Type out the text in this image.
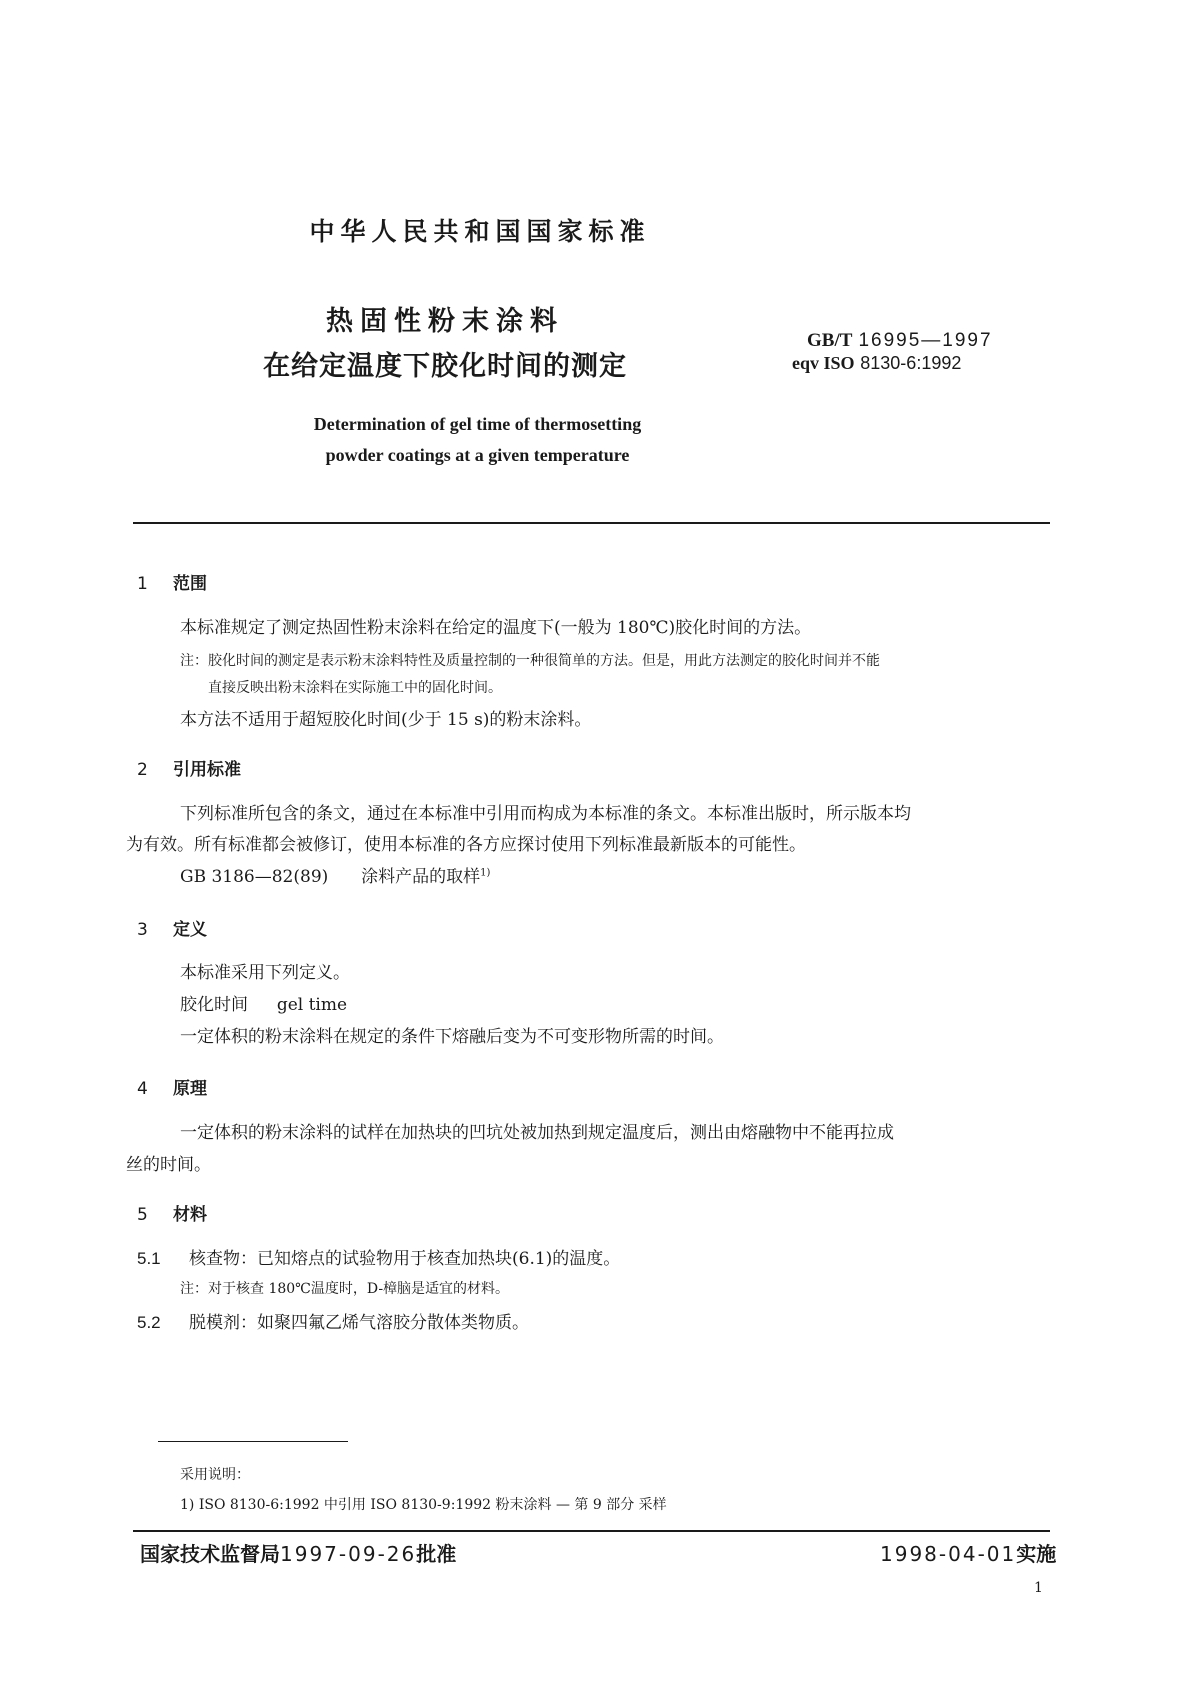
中华人民共和国国家标准
热固性粉末涂料
在给定温度下胶化时间的测定
GB/T 16995—1997
eqv ISO 8130-6:1992
Determination of gel time of thermosetting
powder coatings at a given temperature
1 范围
本标准规定了测定热固性粉末涂料在给定的温度下(一般为 180℃)胶化时间的方法。
注：胶化时间的测定是表示粉末涂料特性及质量控制的一种很简单的方法。但是，用此方法测定的胶化时间并不能
直接反映出粉末涂料在实际施工中的固化时间。
本方法不适用于超短胶化时间(少于 15 s)的粉末涂料。
2 引用标准
下列标准所包含的条文，通过在本标准中引用而构成为本标准的条文。本标准出版时，所示版本均
为有效。所有标准都会被修订，使用本标准的各方应探讨使用下列标准最新版本的可能性。
GB 3186—82(89) 涂料产品的取样$^{1)}$
3 定义
本标准采用下列定义。
胶化时间 gel time
一定体积的粉末涂料在规定的条件下熔融后变为不可变形物所需的时间。
4 原理
一定体积的粉末涂料的试样在加热块的凹坑处被加热到规定温度后，测出由熔融物中不能再拉成
丝的时间。
5 材料
5.1 核查物：已知熔点的试验物用于核查加热块(6.1)的温度。
注：对于核查 180℃温度时，D-樟脑是适宜的材料。
5.2 脱模剂：如聚四氟乙烯气溶胶分散体类物质。
采用说明：
1) ISO 8130-6:1992 中引用 ISO 8130-9:1992 粉末涂料 — 第 9 部分 采样
国家技术监督局1997-09-26批准	1998-04-01实施
1
